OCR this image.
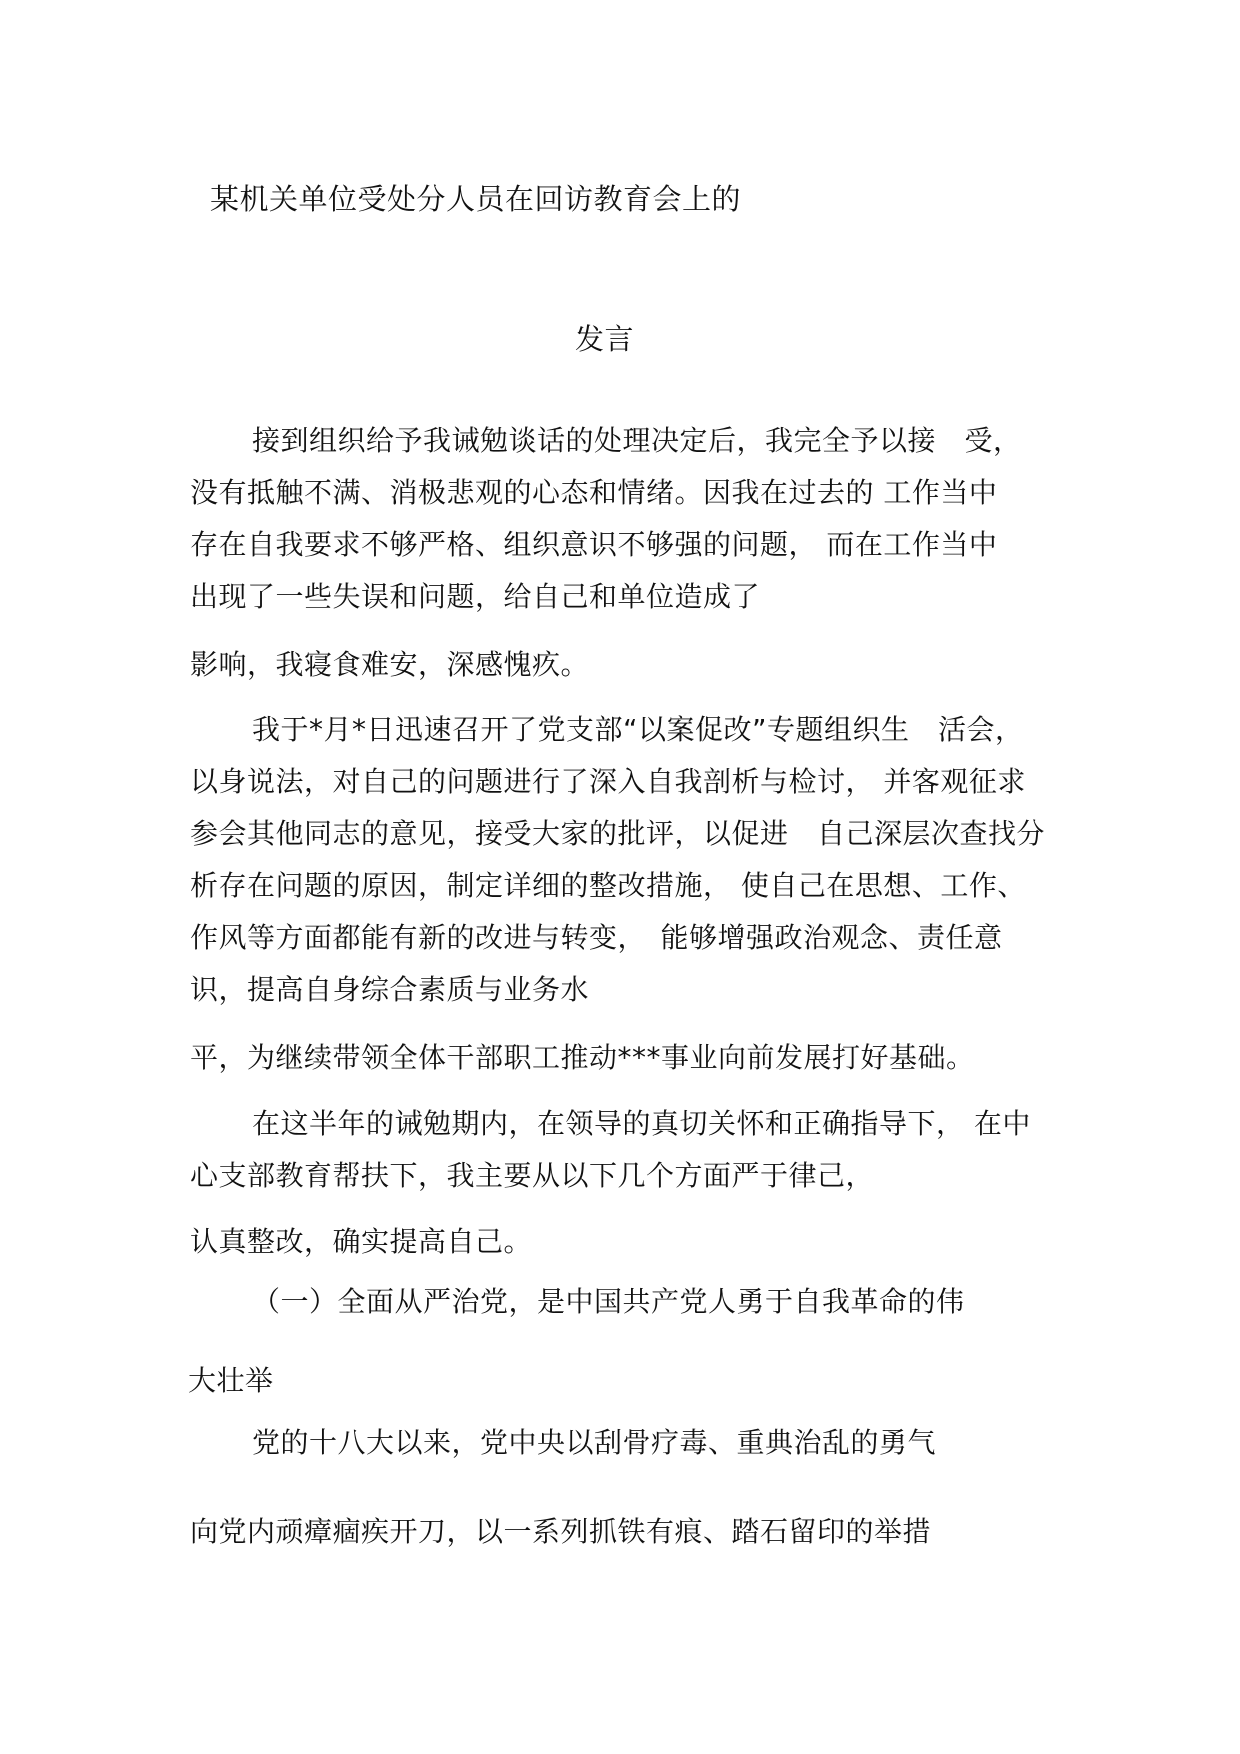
某机关单位受处分人员在回访教育会上的
发言
接到组织给予我诫勉谈话的处理决定后，我完全予以接　受，
没有抵触不满、消极悲观的心态和情绪。因我在过去的 工作当中
存在自我要求不够严格、组织意识不够强的问题， 而在工作当中
出现了一些失误和问题，给自己和单位造成了
影响，我寝食难安，深感愧疚。
我于*月*日迅速召开了党支部“以案促改”专题组织生　活会，
以身说法，对自己的问题进行了深入自我剖析与检讨， 并客观征求
参会其他同志的意见，接受大家的批评，以促进　自己深层次查找分
析存在问题的原因，制定详细的整改措施， 使自己在思想、工作、
作风等方面都能有新的改进与转变，　能够增强政治观念、责任意
识，提高自身综合素质与业务水
平，为继续带领全体干部职工推动***事业向前发展打好基础。
在这半年的诫勉期内，在领导的真切关怀和正确指导下， 在中
心支部教育帮扶下，我主要从以下几个方面严于律己，
认真整改，确实提高自己。
（一）全面从严治党，是中国共产党人勇于自我革命的伟
大壮举
党的十八大以来，党中央以刮骨疗毒、重典治乱的勇气
向党内顽瘴痼疾开刀，以一系列抓铁有痕、踏石留印的举措
